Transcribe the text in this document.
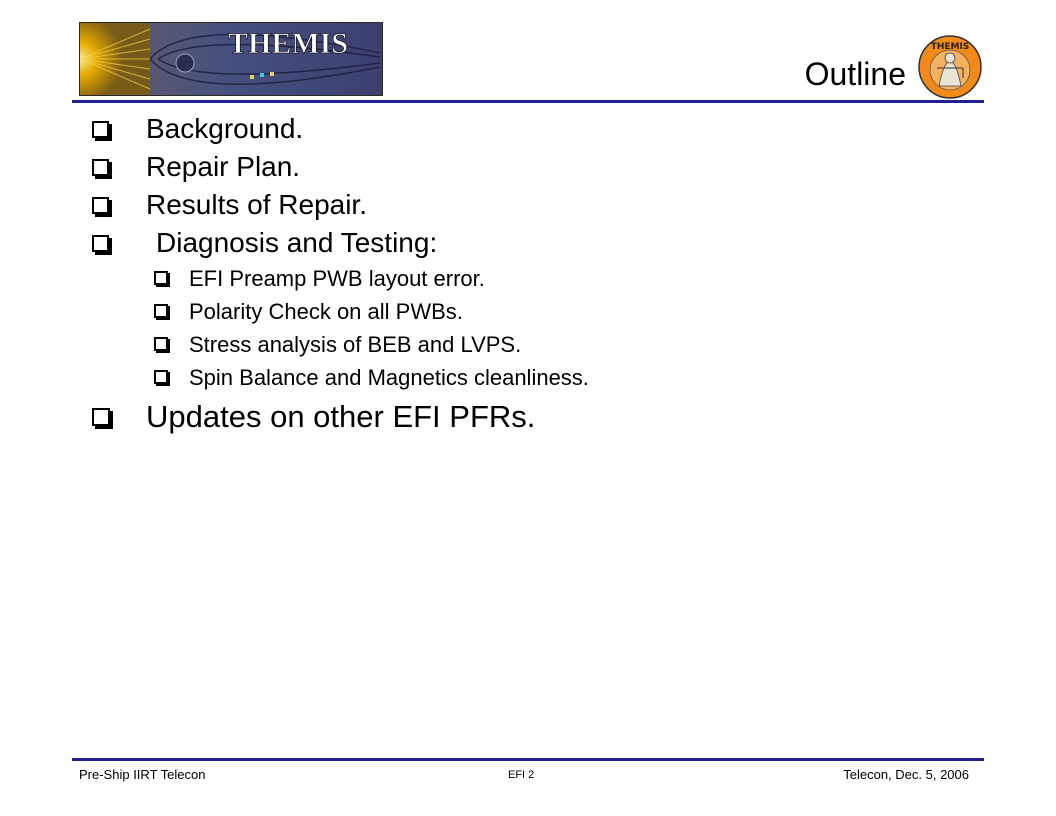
THEMIS
Outline
THEMIS
Background.
Repair Plan.
Results of Repair.
Diagnosis and Testing:
EFI Preamp PWB layout error.
Polarity Check on all PWBs.
Stress analysis of BEB and LVPS.
Spin Balance and Magnetics cleanliness.
Updates on other EFI PFRs.
Pre-Ship IIRT Telecon	EFI 2	Telecon, Dec. 5, 2006
